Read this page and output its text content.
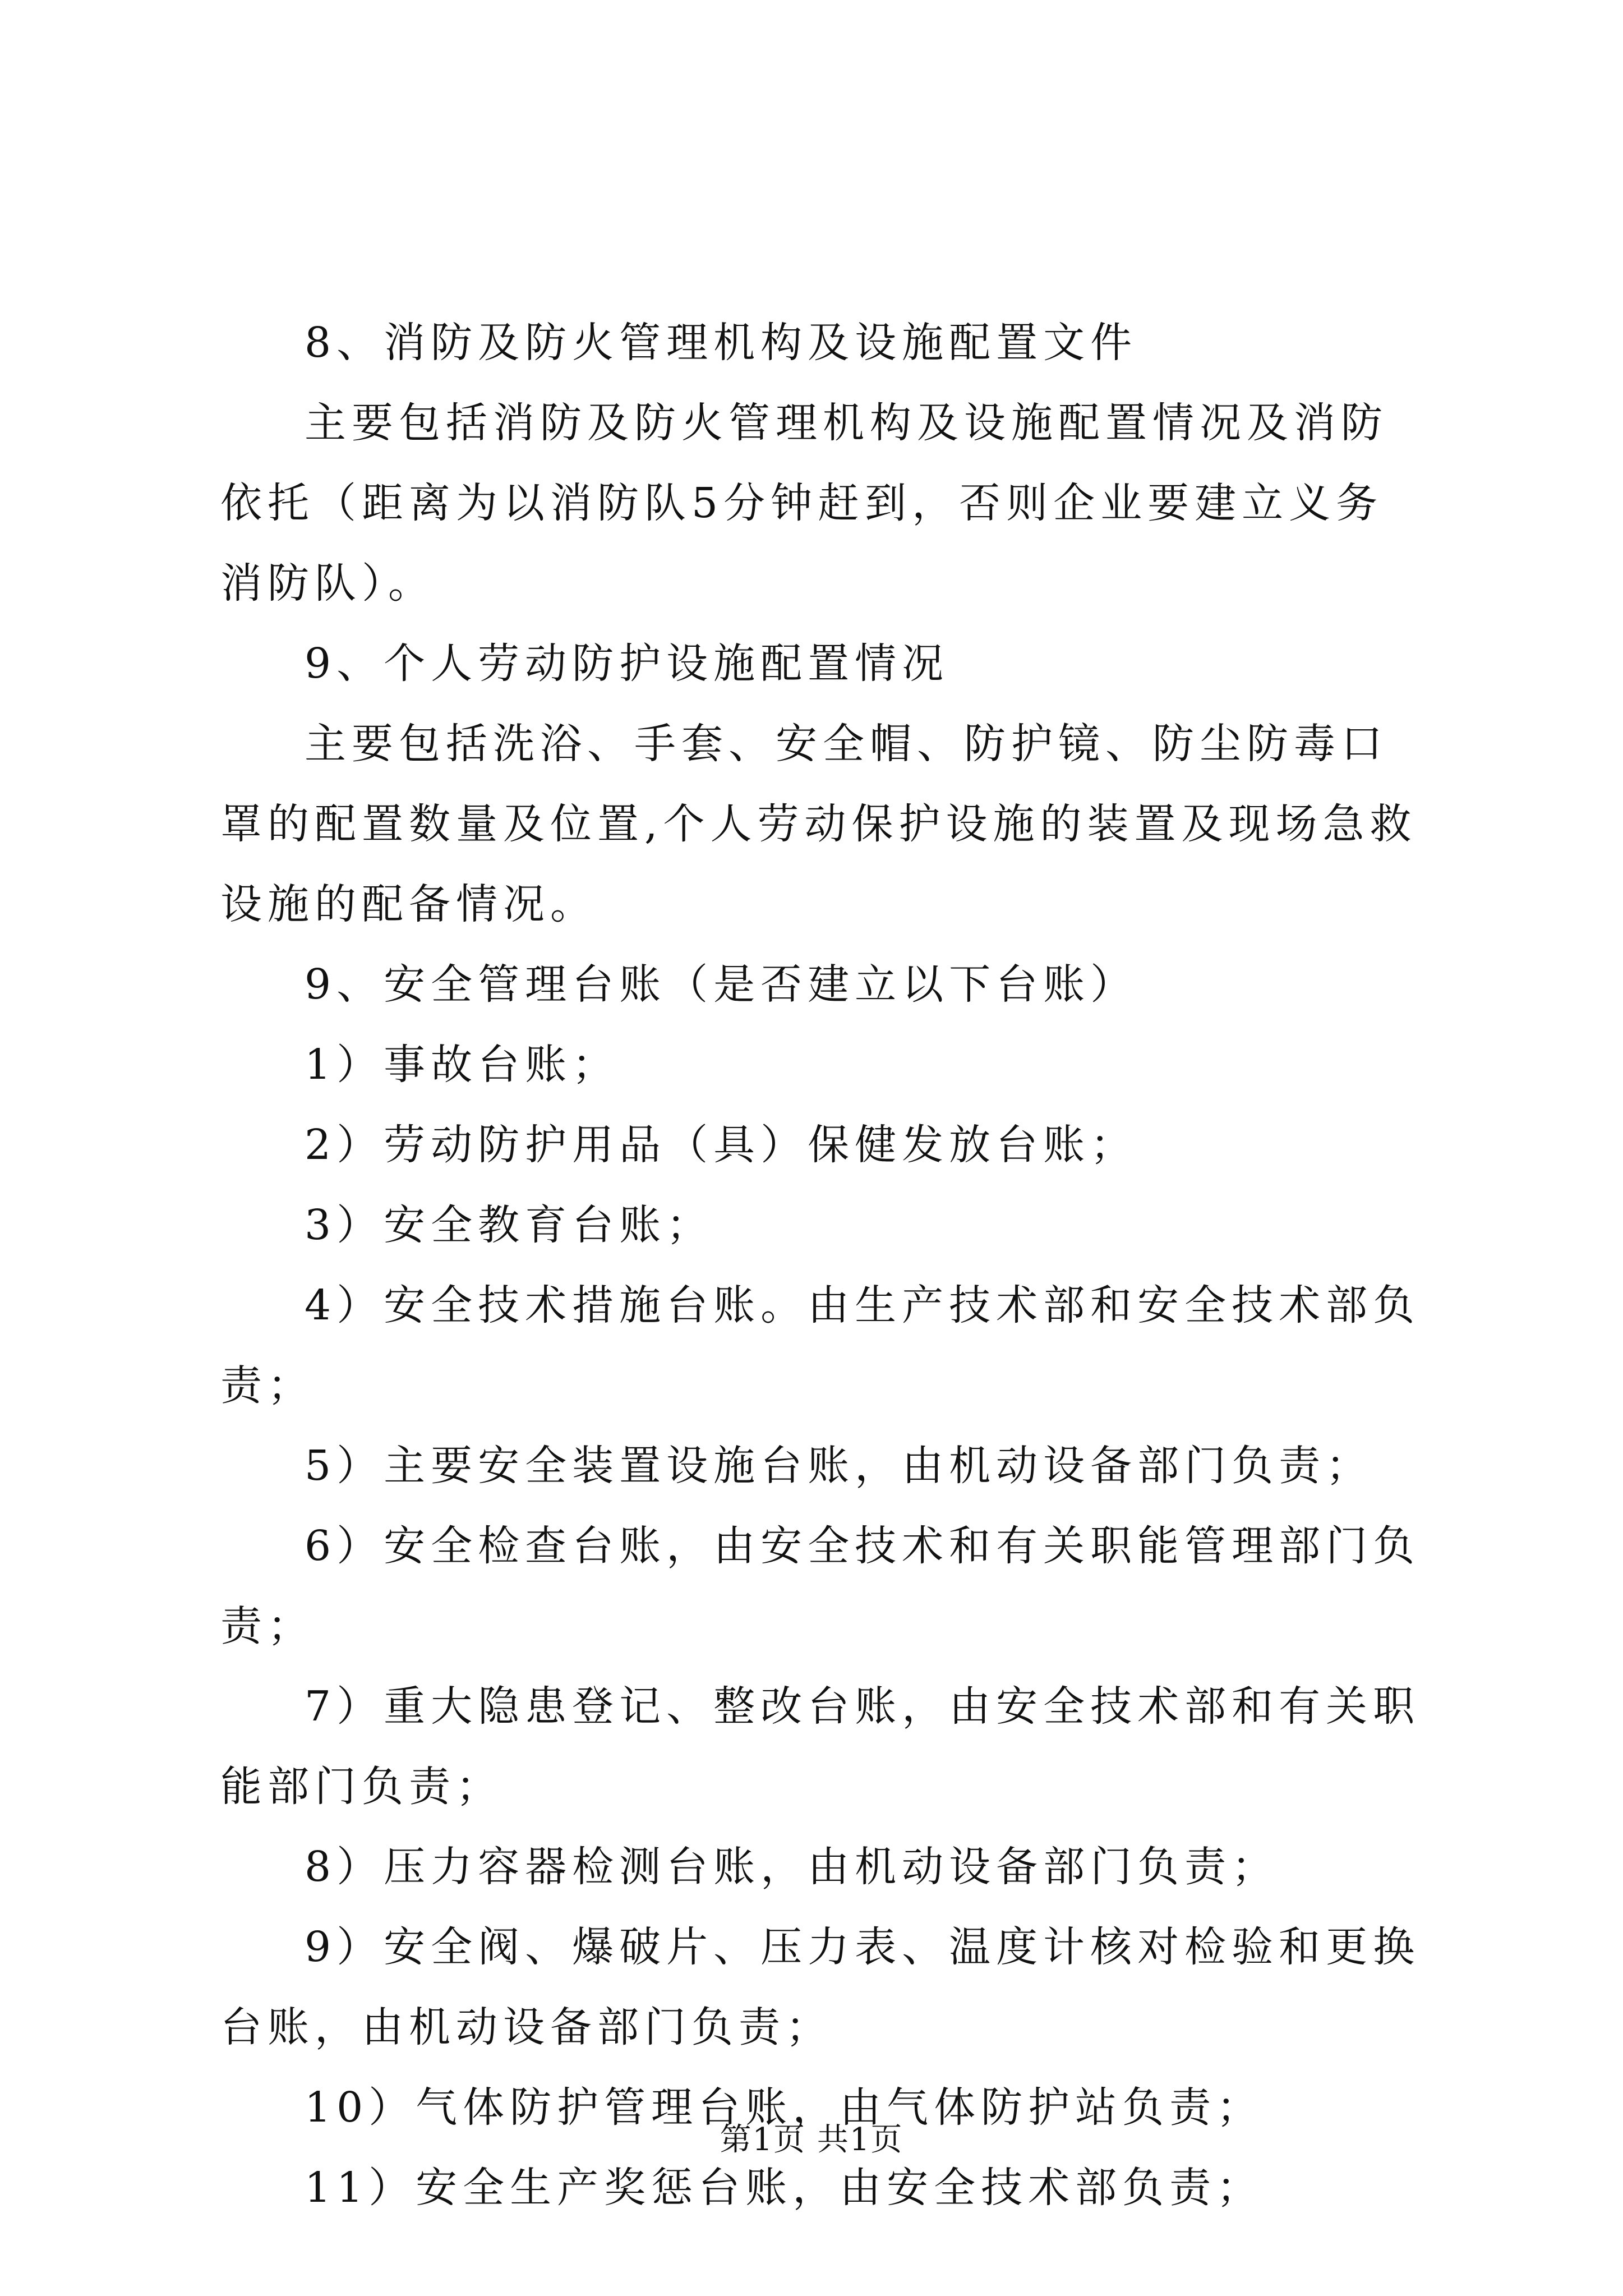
8、消防及防火管理机构及设施配置文件

主要包括消防及防火管理机构及设施配置情况及消防依托（距离为以消防队5分钟赶到，否则企业要建立义务消防队）。

9、个人劳动防护设施配置情况

主要包括洗浴、手套、安全帽、防护镜、防尘防毒口罩的配置数量及位置,个人劳动保护设施的装置及现场急救设施的配备情况。

9、安全管理台账（是否建立以下台账）

1）事故台账；

2）劳动防护用品（具）保健发放台账；

3）安全教育台账；

4）安全技术措施台账。由生产技术部和安全技术部负责；

5）主要安全装置设施台账，由机动设备部门负责；

6）安全检查台账，由安全技术和有关职能管理部门负责；

7）重大隐患登记、整改台账，由安全技术部和有关职能部门负责；

8）压力容器检测台账，由机动设备部门负责；

9）安全阀、爆破片、压力表、温度计核对检验和更换台账，由机动设备部门负责；

10）气体防护管理台账，由气体防护站负责；

11）安全生产奖惩台账，由安全技术部负责；

第1页 共1页
